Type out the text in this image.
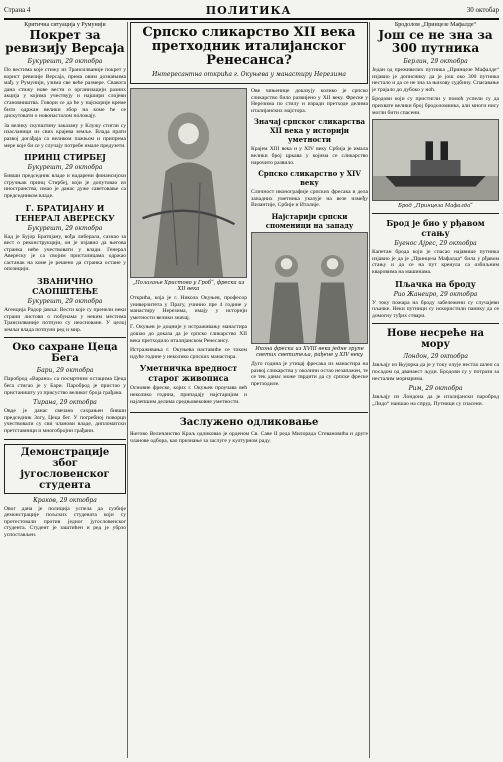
Страна 4	ПОЛИТИКА	30 октобар

Критична ситуација у Румунији

Покрет за ревизију Версаја

Букурешт, 29 октобра

По вестима које стижу из Трансилваније покрет у корист ревизије Версаја, према овим дознањима мађ. у Румунији, узима све веће размере. Свакога дана стижу нове вести о организацији разних акција у којима учествују и најшири слојеви становништва. Говори се да ће у најскорије време бити одржан велики збор на коме ће се дискутовати о новонасталом положају.

За велику скупштину заказану у Клужу стигли су изасланици из свих крајева земље. Влада прати развој догађаја са великом пажњом и припрема мере које би се у случају потребе имале предузети.

ПРИНЦ СТИРБЕЈ

Букурешт, 29 октобра

Бивши председник владе и надарени финансијски стручњак принц Стирбеј, који је допутовао из иностранства, имао је данас дуже саветовање са председником владе.

Г. БРАТИЈАНУ И ГЕНЕРАЛ АВЕРЕСКУ

Букурешт, 29 октобра

Кад је Бујор Братијану, вођа либерала, сазнао за вест о реконструкцији, он је изјавио да његова странка неће учествовати у влади. Генерал Авереску је са својим присталицама одржао састанак на коме је решено да странка остане у опозицији.

ЗВАНИЧНО САОПШТЕЊЕ

Букурешт, 29 октобра

Агенција Радор јавља: Вести које су пренели неки страни листови о побунама у неким местима Трансилваније потпуно су неосноване. У целој земљи влада потпуни ред и мир.

Око сахране Цеца Бега

Бари, 29 октобра

Пароброд «Варано» са посмртним остацима Цеца бега стигао је у Бари. Пароброд је пристао у пристаништу уз присуство великог броја грађана.

Тирана, 29 октобра

Овде је данас свечано сахрањен бивши председник Зогу, Цеца бег. У погребној поворци учествовали су сви чланови владе, дипломатски претставници и многобројни грађани.

Демонстрације због југословенског студента

Краков, 29 октобра

Овог дана је полиција успела да сузбије демонстрације пољских студената који су протестовали против једног југословенског студента. Студент је заштићен и ред је убрзо успостављен.

Српско сликарство XII века претходник италијанског Ренесанса?

Интересантна открића г. Окуњева у манастиру Нерезима

„Полагање Христово у Гроб“, фреска из XII века

Открића, која је г. Никола Окуњев, професор универзитета у Прагу, учинио пре 4 године у манастиру Нерезима, имају у историји уметности велики значај.

Г. Окуњев је доцније у истраживању манастира дошао до доказа да је српско сликарство XII века претходило италијанском Ренесансу.

Истраживања г. Окуњева наставиће се током идуће године у неколико српских манастира.

Уметничка вредност старог живописа

Основне фреске, којих г. Окуњев проучава већ неколико година, припадају најстаријим и најлепшим делима средњовековне уметности.

Ове чињенице доказују колико је српско сликарство било развијено у XII веку. Фреске у Нерезима по стилу и изради претходе делима италијанских мајстора.

Значај српског сликарства XII века у историји уметности

Крајем XIII века и у XIV веку Србија је имала велики број цркава у којима се сликарство нарочито развило.

Српско сликарство у XIV веку

Сличност иконографије српских фресака и дела западних уметника указује на везе између Византије, Србије и Италије.

Најстарији српски споменици на западу

Икона фреска из XVIII века једне групе светих светитеља, рађене у XIV веку

Дуго година је утицај фресака из манастира на развој сликарства у околини остао незапажен, те се тек данас може тврдити да су српске фреске претходиле.

Заслужено одликовање

Његово Величанство Краљ одликовао је орденом Св. Саве II реда Милорада Стевановића и друге чланове одбора, као признање за заслуге у културном раду.

Бродолом „Принцезе Мафалде“

Још се не зна за 300 путника

Берлин, 29 октобра

Један од преживелих путника „Принцезе Мафалде“ изјавио је дописнику да је још око 300 путника нестало и да се не зна за њихову судбину. Спасавање је трајало до дубоко у ноћ.

Бродови који су пристигли у помоћ успели су да прихвате велики број бродоломника, али многи нису могли бити спасени.

Брод „Принцеза Мафалда“

Брод је био у рђавом стању

Буенос Ајрес, 29 октобра

Капетан брода који је спасао најавише путника изјавио је да је „Принцеза Мафалда“ била у рђавом стању и да се на пут кренула са озбиљним кваровима на машинама.

Пљачка на броду

Рио Жанеиро, 29 октобра

У току пожара на броду забележени су случајеви пљачке. Неки путници су искористили панику да се домогну туђих ствари.

Нове несреће на мору

Лондон, 29 октобра

Јављају из Њујорка да је у току олује нестао шлеп са посадом од дванаест људи. Бродови су у потрази за несталим морнарима.

Рим, 29 октобра

Јављају из Лондона да је италијански пароброд „Лидо“ наишао на спруд. Путници су спасени.
